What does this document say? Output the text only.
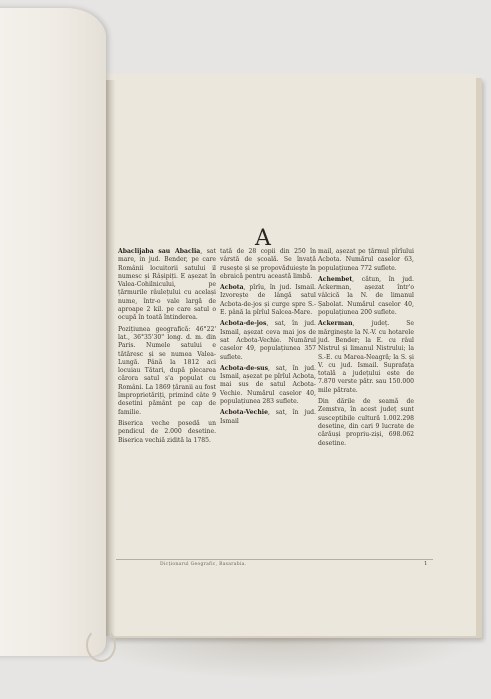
A

Abaclijaba sau Abaclia, sat mare, in jud. Bender, pe care Românii locuitorii satului il numesc și Râșipiți. E așezat în Valea-Cohilnicului, pe țărmurile râulețului cu același nume, într-o vale largă de aproape 2 kil. pe care satul o ocupă în toată întinderea.

Pozițiunea geografică: 46°22' lat., 36°35'30" long. d. m. din Paris. Numele satului e tătăresc și se numea Valea-Lungă. Până la 1812 aci locuiau Tătari, după plecarea cărora satul s'a populat cu Români. La 1869 țăranii au fost împroprietăriți, primind câte 9 desetini pământ pe cap de familie.

Biserica veche posedă un pendicul de 2.000 desetine. Biserica vechiă zidită la 1785.

tată de 28 copii din 250 în vârstă de școală. Se învață rusește și se propovăduiește în ebraică pentru această limbă.

Acbota, pîrîu, în jud. Ismail. Izvorește de lângă satul Acbota-de-jos și curge spre S.-E. până la pîrîul Salcea-Mare.

Acbota-de-jos, sat, în jud. Ismail, așezat ceva mai jos de sat Acbota-Vechie. Numărul caselor 49, populațiunea 357 suflete.

Acbota-de-sus, sat, în jud. Ismail, așezat pe pîrîul Acbota, mai sus de satul Acbota-Vechie. Numărul caselor 40, populațiunea 283 suflete.

Acbota-Vechie, sat, în jud. Ismail

mail, așezat pe țărmul pîrîului Acbota. Numărul caselor 63, populațiunea 772 suflete.

Achembet, cătun, în jud. Ackerman, așezat într'o vâlcică la N. de limanul Șabolat. Numărul caselor 40, populațiunea 200 suflete.

Ackerman, județ. Se mărginește la N.-V. cu hotarele jud. Bender; la E. cu râul Nistrul și limanul Nistrului; la S.-E. cu Marea-Neagră; la S. și V. cu jud. Ismail. Suprafața totală a județului este de 7.870 verste pătr. sau 150.000 mile pătrate.

Din dările de seamă de Zemstva, în acest județ sunt susceptibile cultură 1.002.298 desetine, din cari 9 lucrate de cărăuși propriu-ziși, 698.062 desetine.

Dicționarul Geografic, Basarabia.	1
